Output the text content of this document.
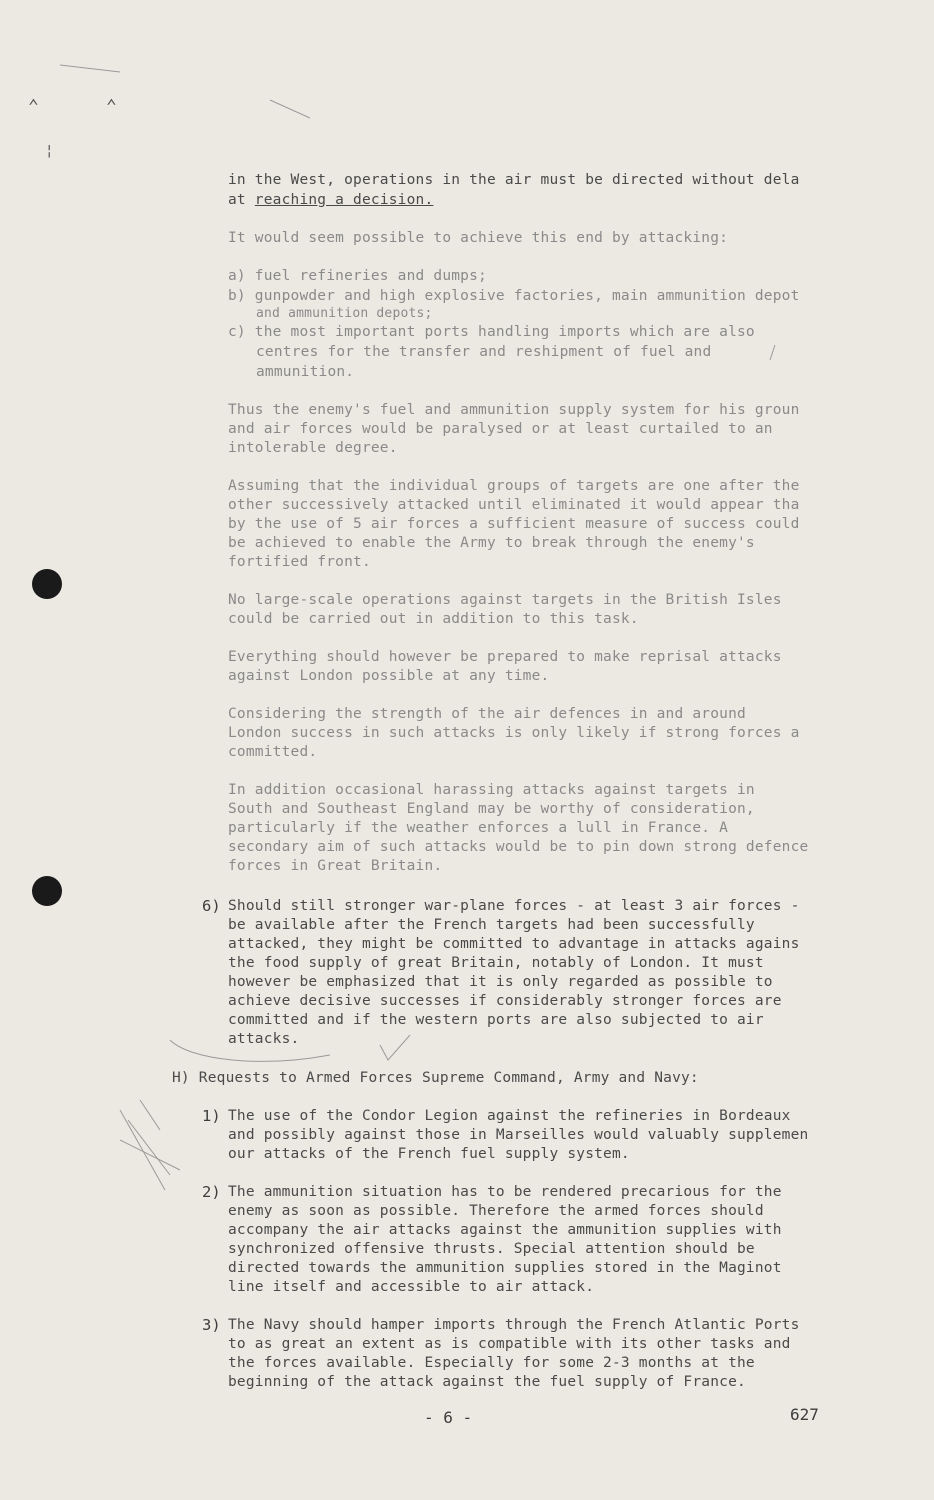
⌃	⌃
¦
in the West, operations in the air must be directed without dela
at reaching a decision.
It would seem possible to achieve this end by attacking:
a) fuel refineries and dumps;
b) gunpowder and high explosive factories, main ammunition depot
and ammunition depots;
c) the most important ports handling imports which are also
centres for the transfer and reshipment of fuel and
ammunition.
Thus the enemy's fuel and ammunition supply system for his groun
and air forces would be paralysed or at least curtailed to an
intolerable degree.
Assuming that the individual groups of targets are one after the
other successively attacked until eliminated it would appear tha
by the use of 5 air forces a sufficient measure of success could
be achieved to enable the Army to break through the enemy's
fortified front.
No large-scale operations against targets in the British Isles
could be carried out in addition to this task.
Everything should however be prepared to make reprisal attacks
against London possible at any time.
Considering the strength of the air defences in and around
London success in such attacks is only likely if strong forces a
committed.
In addition occasional harassing attacks against targets in
South and Southeast England may be worthy of consideration,
particularly if the weather enforces a lull in France. A
secondary aim of such attacks would be to pin down strong defence
forces in Great Britain.
6) Should still stronger war-plane forces - at least 3 air forces -
be available after the French targets had been successfully
attacked, they might be committed to advantage in attacks agains
the food supply of great Britain, notably of London. It must
however be emphasized that it is only regarded as possible to
achieve decisive successes if considerably stronger forces are
committed and if the western ports are also subjected to air
attacks.
H) Requests to Armed Forces Supreme Command, Army and Navy:
1) The use of the Condor Legion against the refineries in Bordeaux
and possibly against those in Marseilles would valuably supplemen
our attacks of the French fuel supply system.
2) The ammunition situation has to be rendered precarious for the
enemy as soon as possible. Therefore the armed forces should
accompany the air attacks against the ammunition supplies with
synchronized offensive thrusts. Special attention should be
directed towards the ammunition supplies stored in the Maginot
line itself and accessible to air attack.
3) The Navy should hamper imports through the French Atlantic Ports
to as great an extent as is compatible with its other tasks and
the forces available. Especially for some 2-3 months at the
beginning of the attack against the fuel supply of France.
- 6 -	627
